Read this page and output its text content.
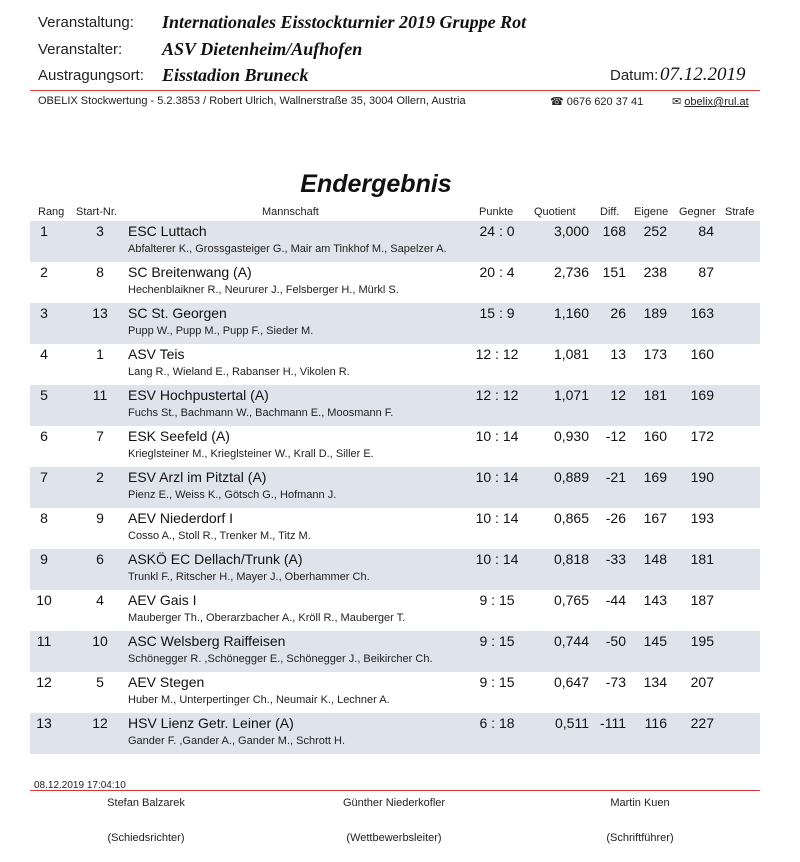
Veranstaltung: Internationales Eisstockturnier 2019 Gruppe Rot
Veranstalter: ASV Dietenheim/Aufhofen
Austragungsort: Eisstadion Bruneck	Datum: 07.12.2019
OBELIX Stockwertung - 5.2.3853 / Robert Ulrich, Wallnerstraße 35, 3004 Ollern, Austria	☎ 0676 620 37 41	✉ obelix@rul.at
Endergebnis
Rang Start-Nr.	Mannschaft	Punkte Quotient Diff. Eigene Gegner Strafe
1	3	ESC Luttach	24 : 0	3,000 168	252	84
Abfalterer K., Grossgasteiger G., Mair am Tinkhof M., Sapelzer A.
2	8	SC Breitenwang (A)	20 : 4	2,736 151	238	87
Hechenblaikner R., Neururer J., Felsberger H., Mürkl S.
3	13	SC St. Georgen	15 : 9	1,160	26	189	163
Pupp W., Pupp M., Pupp F., Sieder M.
4	1	ASV Teis	12 : 12	1,081	13	173	160
Lang R., Wieland E., Rabanser H., Vikolen R.
5	11	ESV Hochpustertal (A)	12 : 12	1,071	12	181	169
Fuchs St., Bachmann W., Bachmann E., Moosmann F.
6	7	ESK Seefeld (A)	10 : 14	0,930	-12	160	172
Krieglsteiner M., Krieglsteiner W., Krall D., Siller E.
7	2	ESV Arzl im Pitztal (A)	10 : 14	0,889	-21	169	190
Pienz E., Weiss K., Götsch G., Hofmann J.
8	9	AEV Niederdorf I	10 : 14	0,865	-26	167	193
Cosso A., Stoll R., Trenker M., Titz M.
9	6	ASKÖ EC Dellach/Trunk (A)	10 : 14	0,818	-33	148	181
Trunkl F., Ritscher H., Mayer J., Oberhammer Ch.
10	4	AEV Gais I	9 : 15	0,765	-44	143	187
Mauberger Th., Oberarzbacher A., Kröll R., Mauberger T.
11	10	ASC Welsberg Raiffeisen	9 : 15	0,744	-50	145	195
Schönegger R. ,Schönegger E., Schönegger J., Beikircher Ch.
12	5	AEV Stegen	9 : 15	0,647	-73	134	207
Huber M., Unterpertinger Ch., Neumair K., Lechner A.
13	12	HSV Lienz Getr. Leiner (A)	6 : 18	0,511 -111	116	227
Gander F. ,Gander A., Gander M., Schrott H.
08.12.2019 17:04:10
Stefan Balzarek
(Schiedsrichter)
Günther Niederkofler
(Wettbewerbsleiter)
Martin Kuen
(Schriftführer)
